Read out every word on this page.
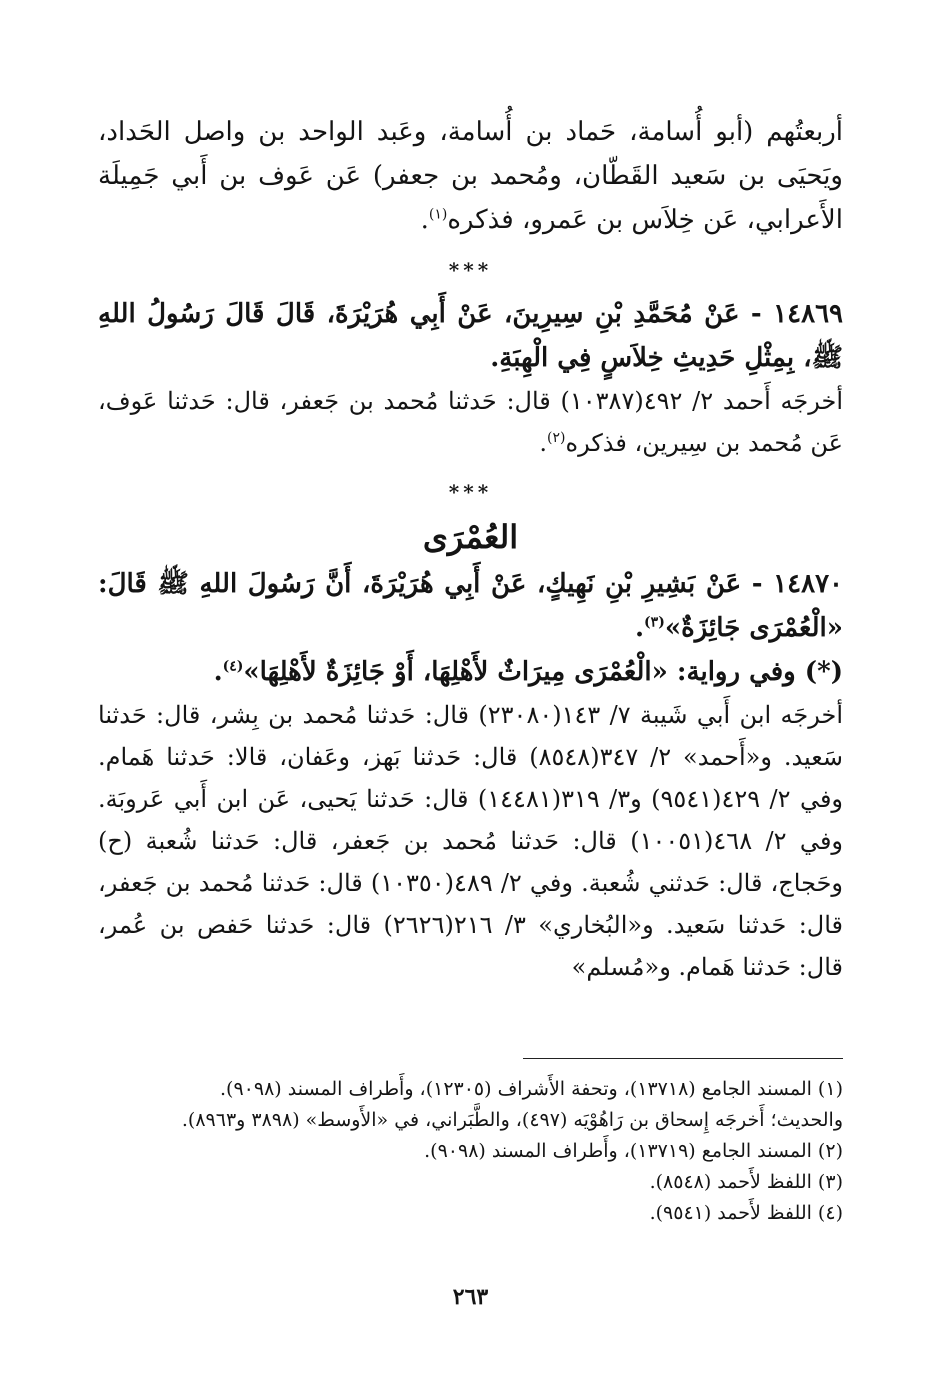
أربعتُهم (أبو أُسامة، حَماد بن أُسامة، وعَبد الواحد بن واصل الحَداد، ويَحيَى بن سَعيد القَطّان، ومُحمد بن جعفر) عَن عَوف بن أَبي جَمِيلَة الأَعرابي، عَن خِلاَس بن عَمرو، فذكره$^{(١)}$.

***

١٤٨٦٩ - عَنْ مُحَمَّدِ بْنِ سِيرِينَ، عَنْ أَبِي هُرَيْرَةَ، قَالَ قَالَ رَسُولُ اللهِ ﷺ، بِمِثْلِ حَدِيثِ خِلاَسٍ فِي الْهِبَةِ.

أخرجَه أَحمد ٢/ ٤٩٢(١٠٣٨٧) قال: حَدثنا مُحمد بن جَعفر، قال: حَدثنا عَوف، عَن مُحمد بن سِيرين، فذكره$^{(٢)}$.

***
العُمْرَى

١٤٨٧٠ - عَنْ بَشِيرِ بْنِ نَهِيكٍ، عَنْ أَبِي هُرَيْرَةَ، أَنَّ رَسُولَ اللهِ ﷺ قَالَ: «الْعُمْرَى جَائِزَةٌ»$^{(٣)}$.

(*) وفي رواية: «الْعُمْرَى مِيرَاثٌ لأَهْلِهَا، أَوْ جَائِزَةٌ لأَهْلِهَا»$^{(٤)}$.

أخرجَه ابن أَبي شَيبة ٧/ ١٤٣(٢٣٠٨٠) قال: حَدثنا مُحمد بن بِشر، قال: حَدثنا سَعيد. و«أَحمد» ٢/ ٣٤٧(٨٥٤٨) قال: حَدثنا بَهز، وعَفان، قالا: حَدثنا هَمام. وفي ٢/ ٤٢٩(٩٥٤١) و٣/ ٣١٩(١٤٤٨١) قال: حَدثنا يَحيى، عَن ابن أَبي عَروبَة. وفي ٢/ ٤٦٨(١٠٠٥١) قال: حَدثنا مُحمد بن جَعفر، قال: حَدثنا شُعبة (ح) وحَجاج، قال: حَدثني شُعبة. وفي ٢/ ٤٨٩(١٠٣٥٠) قال: حَدثنا مُحمد بن جَعفر، قال: حَدثنا سَعيد. و«البُخاري» ٣/ ٢١٦(٢٦٢٦) قال: حَدثنا حَفص بن عُمر، قال: حَدثنا هَمام. و«مُسلم»

(١) المسند الجامع (١٣٧١٨)، وتحفة الأَشراف (١٢٣٠٥)، وأَطراف المسند (٩٠٩٨).

والحديث؛ أَخرجَه إِسحاق بن رَاهُوْيَه (٤٩٧)، والطَّبَراني، في «الأَوسط» (٣٨٩٨ و٨٩٦٣).

(٢) المسند الجامع (١٣٧١٩)، وأَطراف المسند (٩٠٩٨).

(٣) اللفظ لأَحمد (٨٥٤٨).

(٤) اللفظ لأَحمد (٩٥٤١).

٢٦٣
